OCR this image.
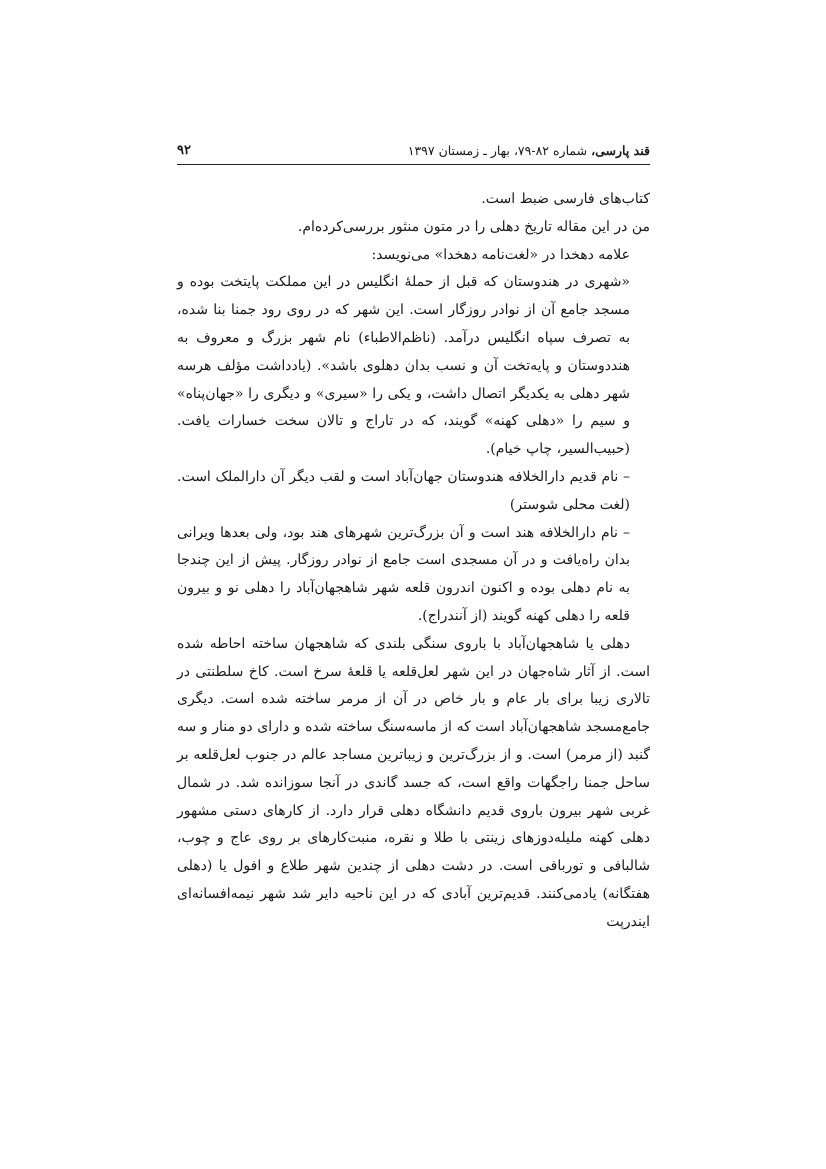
قند پارسی، شماره ۸۲-۷۹، بهار ـ زمستان ۱۳۹۷
۹۲

کتاب‌های فارسی ضبط است.

من در این مقاله تاریخ دهلی را در متون منثور بررسی‌کرده‌ام.

علامه دهخدا در «لغت‌نامه دهخدا» می‌نویسد:

«شهری در هندوستان که قبل از حملهٔ انگلیس در این مملکت پایتخت بوده و مسجد جامع آن از نوادر روزگار است. این شهر که در روی رود جمنا بنا شده، به تصرف سپاه انگلیس درآمد. (ناظم‌الاطباء) نام شهر بزرگ و معروف به هنددوستان و پایه‌تخت آن و نسب بدان دهلوی باشد». (یادداشت مؤلف هرسه شهر دهلی به یکدیگر اتصال داشت، و یکی را «سیری» و دیگری را «جهان‌پناه» و سیم را «دهلی کهنه» گویند، که در تاراج و تالان سخت خسارات یافت. (حبیب‌السیر، چاپ خیام).

– نام قدیم دارالخلافه هندوستان جهان‌آباد است و لقب دیگر آن دارالملک است.(لغت محلی شوستر)

– نام دارالخلافه هند است و آن بزرگ‌ترین شهرهای هند بود، ولی بعدها ویرانی بدان راه‌یافت و در آن مسجدی است جامع از نوادر روزگار. پیش از این چندجا به نام دهلی بوده و اکنون اندرون قلعه شهر شاهجهان‌آباد را دهلی نو و بیرون قلعه را دهلی کهنه گویند (از آنندراج).

دهلی یا شاهجهان‌آباد با باروی سنگی بلندی که شاهجهان ساخته احاطه شده است. از آثار شاه‌جهان در این شهر لعل‌قلعه یا قلعهٔ سرخ است. کاخ سلطنتی در تالاری زیبا برای بار عام و بار خاص در آن از مرمر ساخته شده است. دیگری جامع‌مسجد شاهجهان‌آباد است که از ماسه‌سنگ ساخته شده و دارای دو منار و سه گنبد (از مرمر) است. و از بزرگ‌ترین و زیباترین مساجد عالم در جنوب لعل‌قلعه بر ساحل جمنا راجگهات واقع است، که جسد گاندی در آنجا سوزانده شد. در شمال غربی شهر بیرون باروی قدیم دانشگاه دهلی قرار دارد. از کارهای دستی مشهور دهلی کهنه ملیله‌دوزهای زینتی با طلا و نقره، منبت‌کارهای بر روی عاج و چوب، شالبافی و توربافی است. در دشت دهلی از چندین شهر طلاع و افول یا (دهلی هفتگانه) یادمی‌کنند. قدیم‌ترین آبادی که در این ناحیه دایر شد شهر نیمه‌افسانه‌ای ایندرپت
